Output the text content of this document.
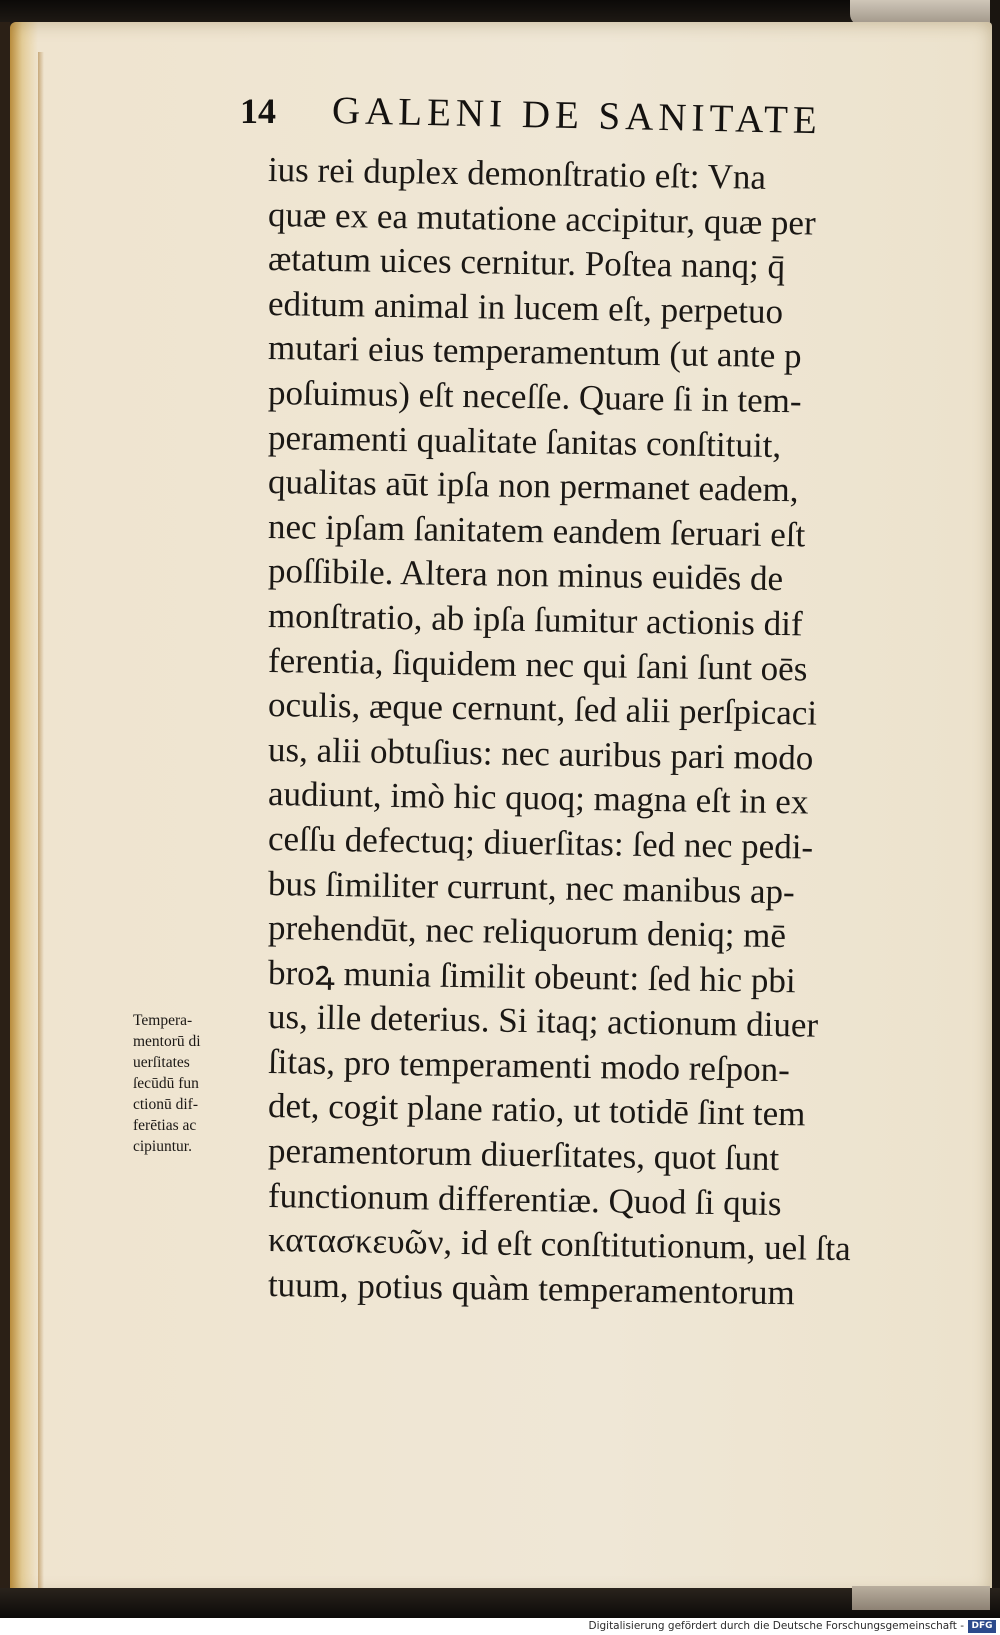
14 GALENI DE SANITATE
ius rei duplex demonſtratio eſt: Vna
quæ ex ea mutatione accipitur, quæ per
ætatum uices cernitur. Poſtea nanq; q̄
editum animal in lucem eſt, perpetuo
mutari eius temperamentum (ut ante p
poſuimus) eſt neceſſe. Quare ſi in tem-
peramenti qualitate ſanitas conſtituit,
qualitas aūt ipſa non permanet eadem,
nec ipſam ſanitatem eandem ſeruari eſt
poſſibile. Altera non minus euidēs de
monſtratio, ab ipſa ſumitur actionis dif
ferentia, ſiquidem nec qui ſani ſunt oēs
oculis, æque cernunt, ſed alii perſpicaci
us, alii obtuſius: nec auribus pari modo
audiunt, imò hic quoq; magna eſt in ex
ceſſu defectuq; diuerſitas: ſed nec pedi-
bus ſimiliter currunt, nec manibus ap-
prehendūt, nec reliquorum deniq; mē
broꝝ munia ſimilit obeunt: ſed hic pbi
us, ille deterius. Si itaq; actionum diuer
ſitas, pro temperamenti modo reſpon-
det, cogit plane ratio, ut totidē ſint tem
peramentorum diuerſitates, quot ſunt
functionum differentiæ. Quod ſi quis
κατασκευῶν, id eſt conſtitutionum, uel ſta
tuum, potius quàm temperamentorum
Tempera-
mentorū di
uerſitates
ſecūdū fun
ctionū dif-
ferētias ac
cipiuntur.
Digitalisierung gefördert durch die Deutsche Forschungsgemeinschaft - DFG
